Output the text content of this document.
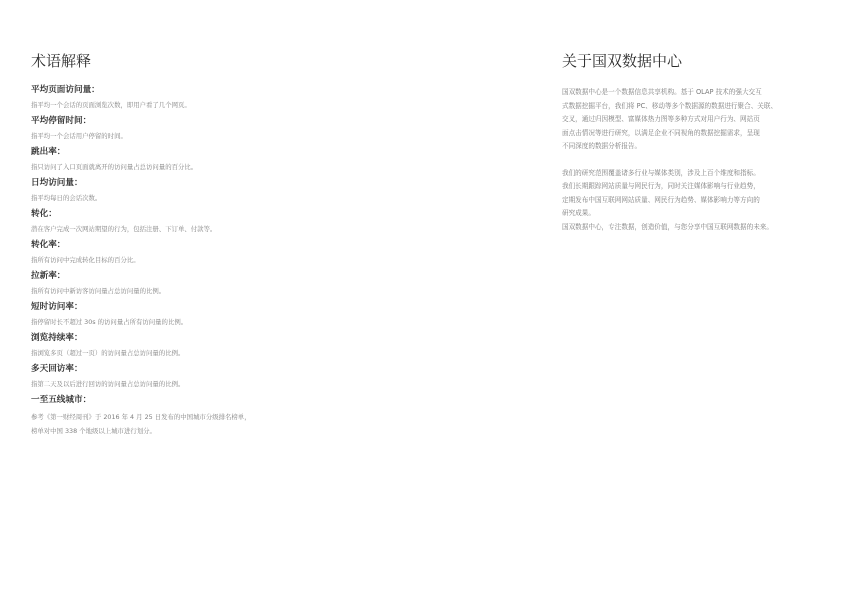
术语解释
平均页面访问量：
指平均一个会话的页面浏览次数，即用户看了几个网页。
平均停留时间：
指平均一个会话用户停留的时间。
跳出率：
指只访问了入口页面就离开的访问量占总访问量的百分比。
日均访问量：
指平均每日的会话次数。
转化：
潜在客户完成一次网站期望的行为，包括注册、下订单、付款等。
转化率：
指所有访问中完成转化目标的百分比。
拉新率：
指所有访问中新访客访问量占总访问量的比例。
短时访问率：
指停留时长不超过 30s 的访问量占所有访问量的比例。
浏览持续率：
指浏览多页（超过一页）的访问量占总访问量的比例。
多天回访率：
指第二天及以后进行回访的访问量占总访问量的比例。
一至五线城市：
参考《第一财经周刊》于 2016 年 4 月 25 日发布的中国城市分级排名榜单，
榜单对中国 338 个地级以上城市进行划分。
关于国双数据中心
国双数据中心是一个数据信息共享机构。基于 OLAP 技术的强大交互
式数据挖掘平台，我们将 PC、移动等多个数据源的数据进行聚合、关联、
交叉，通过归因模型、富媒体热力图等多种方式对用户行为、网站页
面点击情况等进行研究，以满足企业不同视角的数据挖掘需求，呈现
不同深度的数据分析报告。
我们的研究范围覆盖诸多行业与媒体类别，涉及上百个维度和指标。
我们长期跟踪网站质量与网民行为，同时关注媒体影响与行业趋势，
定期发布中国互联网网站质量、网民行为趋势、媒体影响力等方向的
研究成果。
国双数据中心，专注数据，创造价值，与您分享中国互联网数据的未来。
